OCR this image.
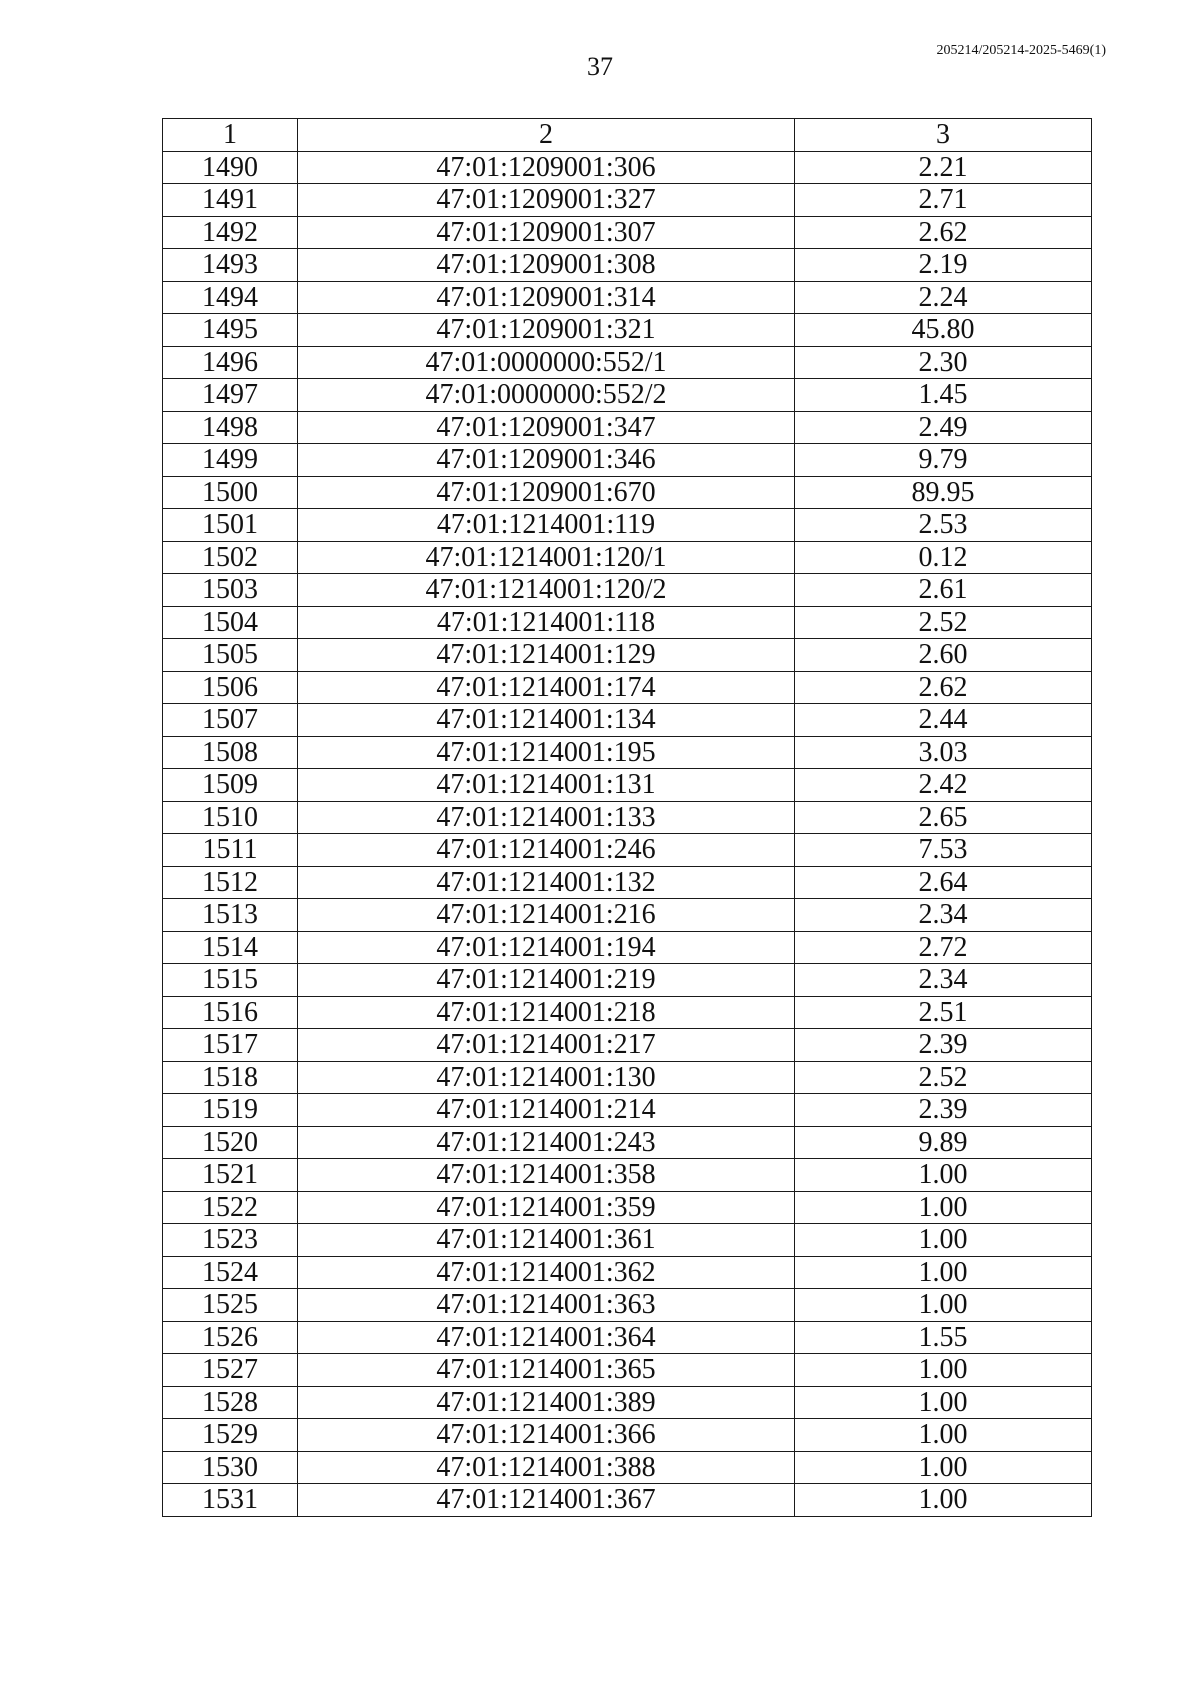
37
205214/205214-2025-5469(1)
1	2	3
1490	47:01:1209001:306	2.21
1491	47:01:1209001:327	2.71
1492	47:01:1209001:307	2.62
1493	47:01:1209001:308	2.19
1494	47:01:1209001:314	2.24
1495	47:01:1209001:321	45.80
1496	47:01:0000000:552/1	2.30
1497	47:01:0000000:552/2	1.45
1498	47:01:1209001:347	2.49
1499	47:01:1209001:346	9.79
1500	47:01:1209001:670	89.95
1501	47:01:1214001:119	2.53
1502	47:01:1214001:120/1	0.12
1503	47:01:1214001:120/2	2.61
1504	47:01:1214001:118	2.52
1505	47:01:1214001:129	2.60
1506	47:01:1214001:174	2.62
1507	47:01:1214001:134	2.44
1508	47:01:1214001:195	3.03
1509	47:01:1214001:131	2.42
1510	47:01:1214001:133	2.65
1511	47:01:1214001:246	7.53
1512	47:01:1214001:132	2.64
1513	47:01:1214001:216	2.34
1514	47:01:1214001:194	2.72
1515	47:01:1214001:219	2.34
1516	47:01:1214001:218	2.51
1517	47:01:1214001:217	2.39
1518	47:01:1214001:130	2.52
1519	47:01:1214001:214	2.39
1520	47:01:1214001:243	9.89
1521	47:01:1214001:358	1.00
1522	47:01:1214001:359	1.00
1523	47:01:1214001:361	1.00
1524	47:01:1214001:362	1.00
1525	47:01:1214001:363	1.00
1526	47:01:1214001:364	1.55
1527	47:01:1214001:365	1.00
1528	47:01:1214001:389	1.00
1529	47:01:1214001:366	1.00
1530	47:01:1214001:388	1.00
1531	47:01:1214001:367	1.00
